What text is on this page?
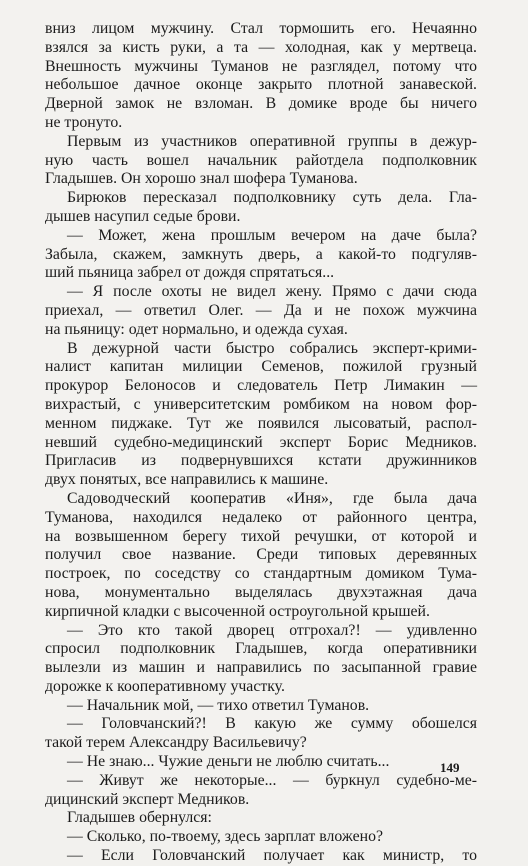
вниз лицом мужчину. Стал тормошить его. Нечаянно
взялся за кисть руки, а та — холодная, как у мертвеца.
Внешность мужчины Туманов не разглядел, потому что
небольшое дачное оконце закрыто плотной занавеской.
Дверной замок не взломан. В домике вроде бы ничего
не тронуто.
Первым из участников оперативной группы в дежур-
ную часть вошел начальник райотдела подполковник
Гладышев. Он хорошо знал шофера Туманова.
Бирюков пересказал подполковнику суть дела. Гла-
дышев насупил седые брови.
— Может, жена прошлым вечером на даче была?
Забыла, скажем, замкнуть дверь, а какой-то подгуляв-
ший пьяница забрел от дождя спрятаться...
— Я после охоты не видел жену. Прямо с дачи сюда
приехал, — ответил Олег. — Да и не похож мужчина
на пьяницу: одет нормально, и одежда сухая.
В дежурной части быстро собрались эксперт-крими-
налист капитан милиции Семенов, пожилой грузный
прокурор Белоносов и следователь Петр Лимакин —
вихрастый, с университетским ромбиком на новом фор-
менном пиджаке. Тут же появился лысоватый, распол-
невший судебно-медицинский эксперт Борис Медников.
Пригласив из подвернувшихся кстати дружинников
двух понятых, все направились к машине.
Садоводческий кооператив «Иня», где была дача
Туманова, находился недалеко от районного центра,
на возвышенном берегу тихой речушки, от которой и
получил свое название. Среди типовых деревянных
построек, по соседству со стандартным домиком Тума-
нова, монументально выделялась двухэтажная дача
кирпичной кладки с высоченной остроугольной крышей.
— Это кто такой дворец отгрохал?! — удивленно
спросил подполковник Гладышев, когда оперативники
вылезли из машин и направились по засыпанной гравие
дорожке к кооперативному участку.
— Начальник мой, — тихо ответил Туманов.
— Головчанский?! В какую же сумму обошелся
такой терем Александру Васильевичу?
— Не знаю... Чужие деньги не люблю считать...
— Живут же некоторые... — буркнул судебно-ме-
дицинский эксперт Медников.
Гладышев обернулся:
— Сколько, по-твоему, здесь зарплат вложено?
— Если Головчанский получает как министр, то
149
